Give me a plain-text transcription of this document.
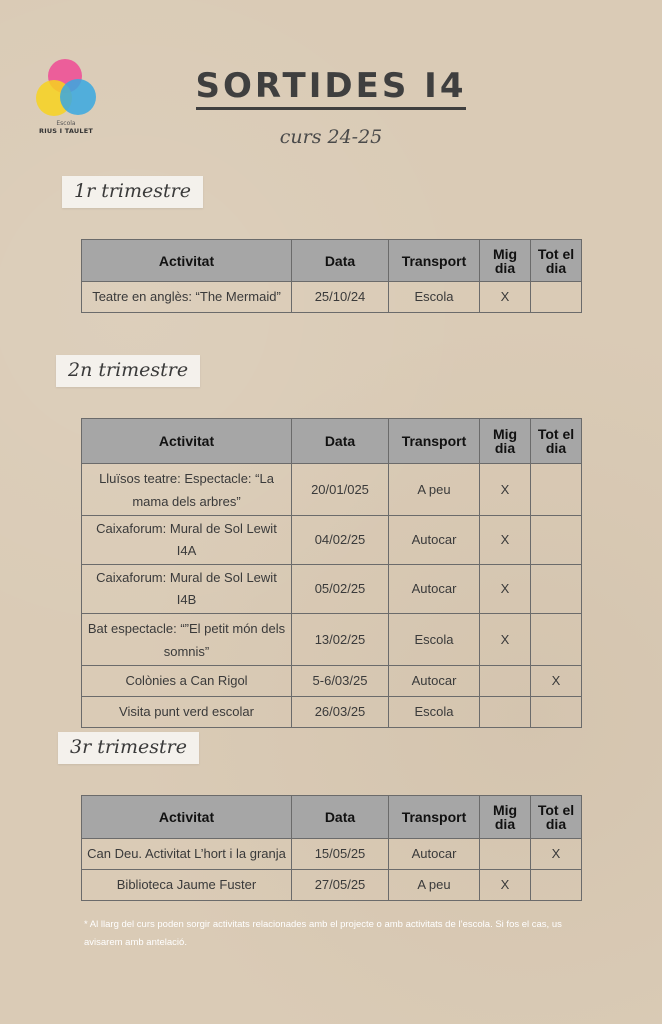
Escola
RIUS I TAULET
SORTIDES I4
curs 24-25
1r trimestre
Activitat	Data	Transport	Mig dia	Tot el dia
Teatre en anglès: “The Mermaid”	25/10/24	Escola	X	
2n trimestre
Activitat	Data	Transport	Mig dia	Tot el dia
Lluïsos teatre: Espectacle: “La mama dels arbres”	20/01/025	A peu	X	
Caixaforum: Mural de Sol Lewit I4A	04/02/25	Autocar	X	
Caixaforum: Mural de Sol Lewit I4B	05/02/25	Autocar	X	
Bat espectacle: “”El petit món dels somnis”	13/02/25	Escola	X	
Colònies a Can Rigol	5-6/03/25	Autocar		X
Visita punt verd escolar	26/03/25	Escola		
3r trimestre
Activitat	Data	Transport	Mig dia	Tot el dia
Can Deu. Activitat L’hort i la granja	15/05/25	Autocar		X
Biblioteca Jaume Fuster	27/05/25	A peu	X	
* Al llarg del curs poden sorgir activitats relacionades amb el projecte o amb activitats de l’escola. Si fos el cas, us avisarem amb antelació.
